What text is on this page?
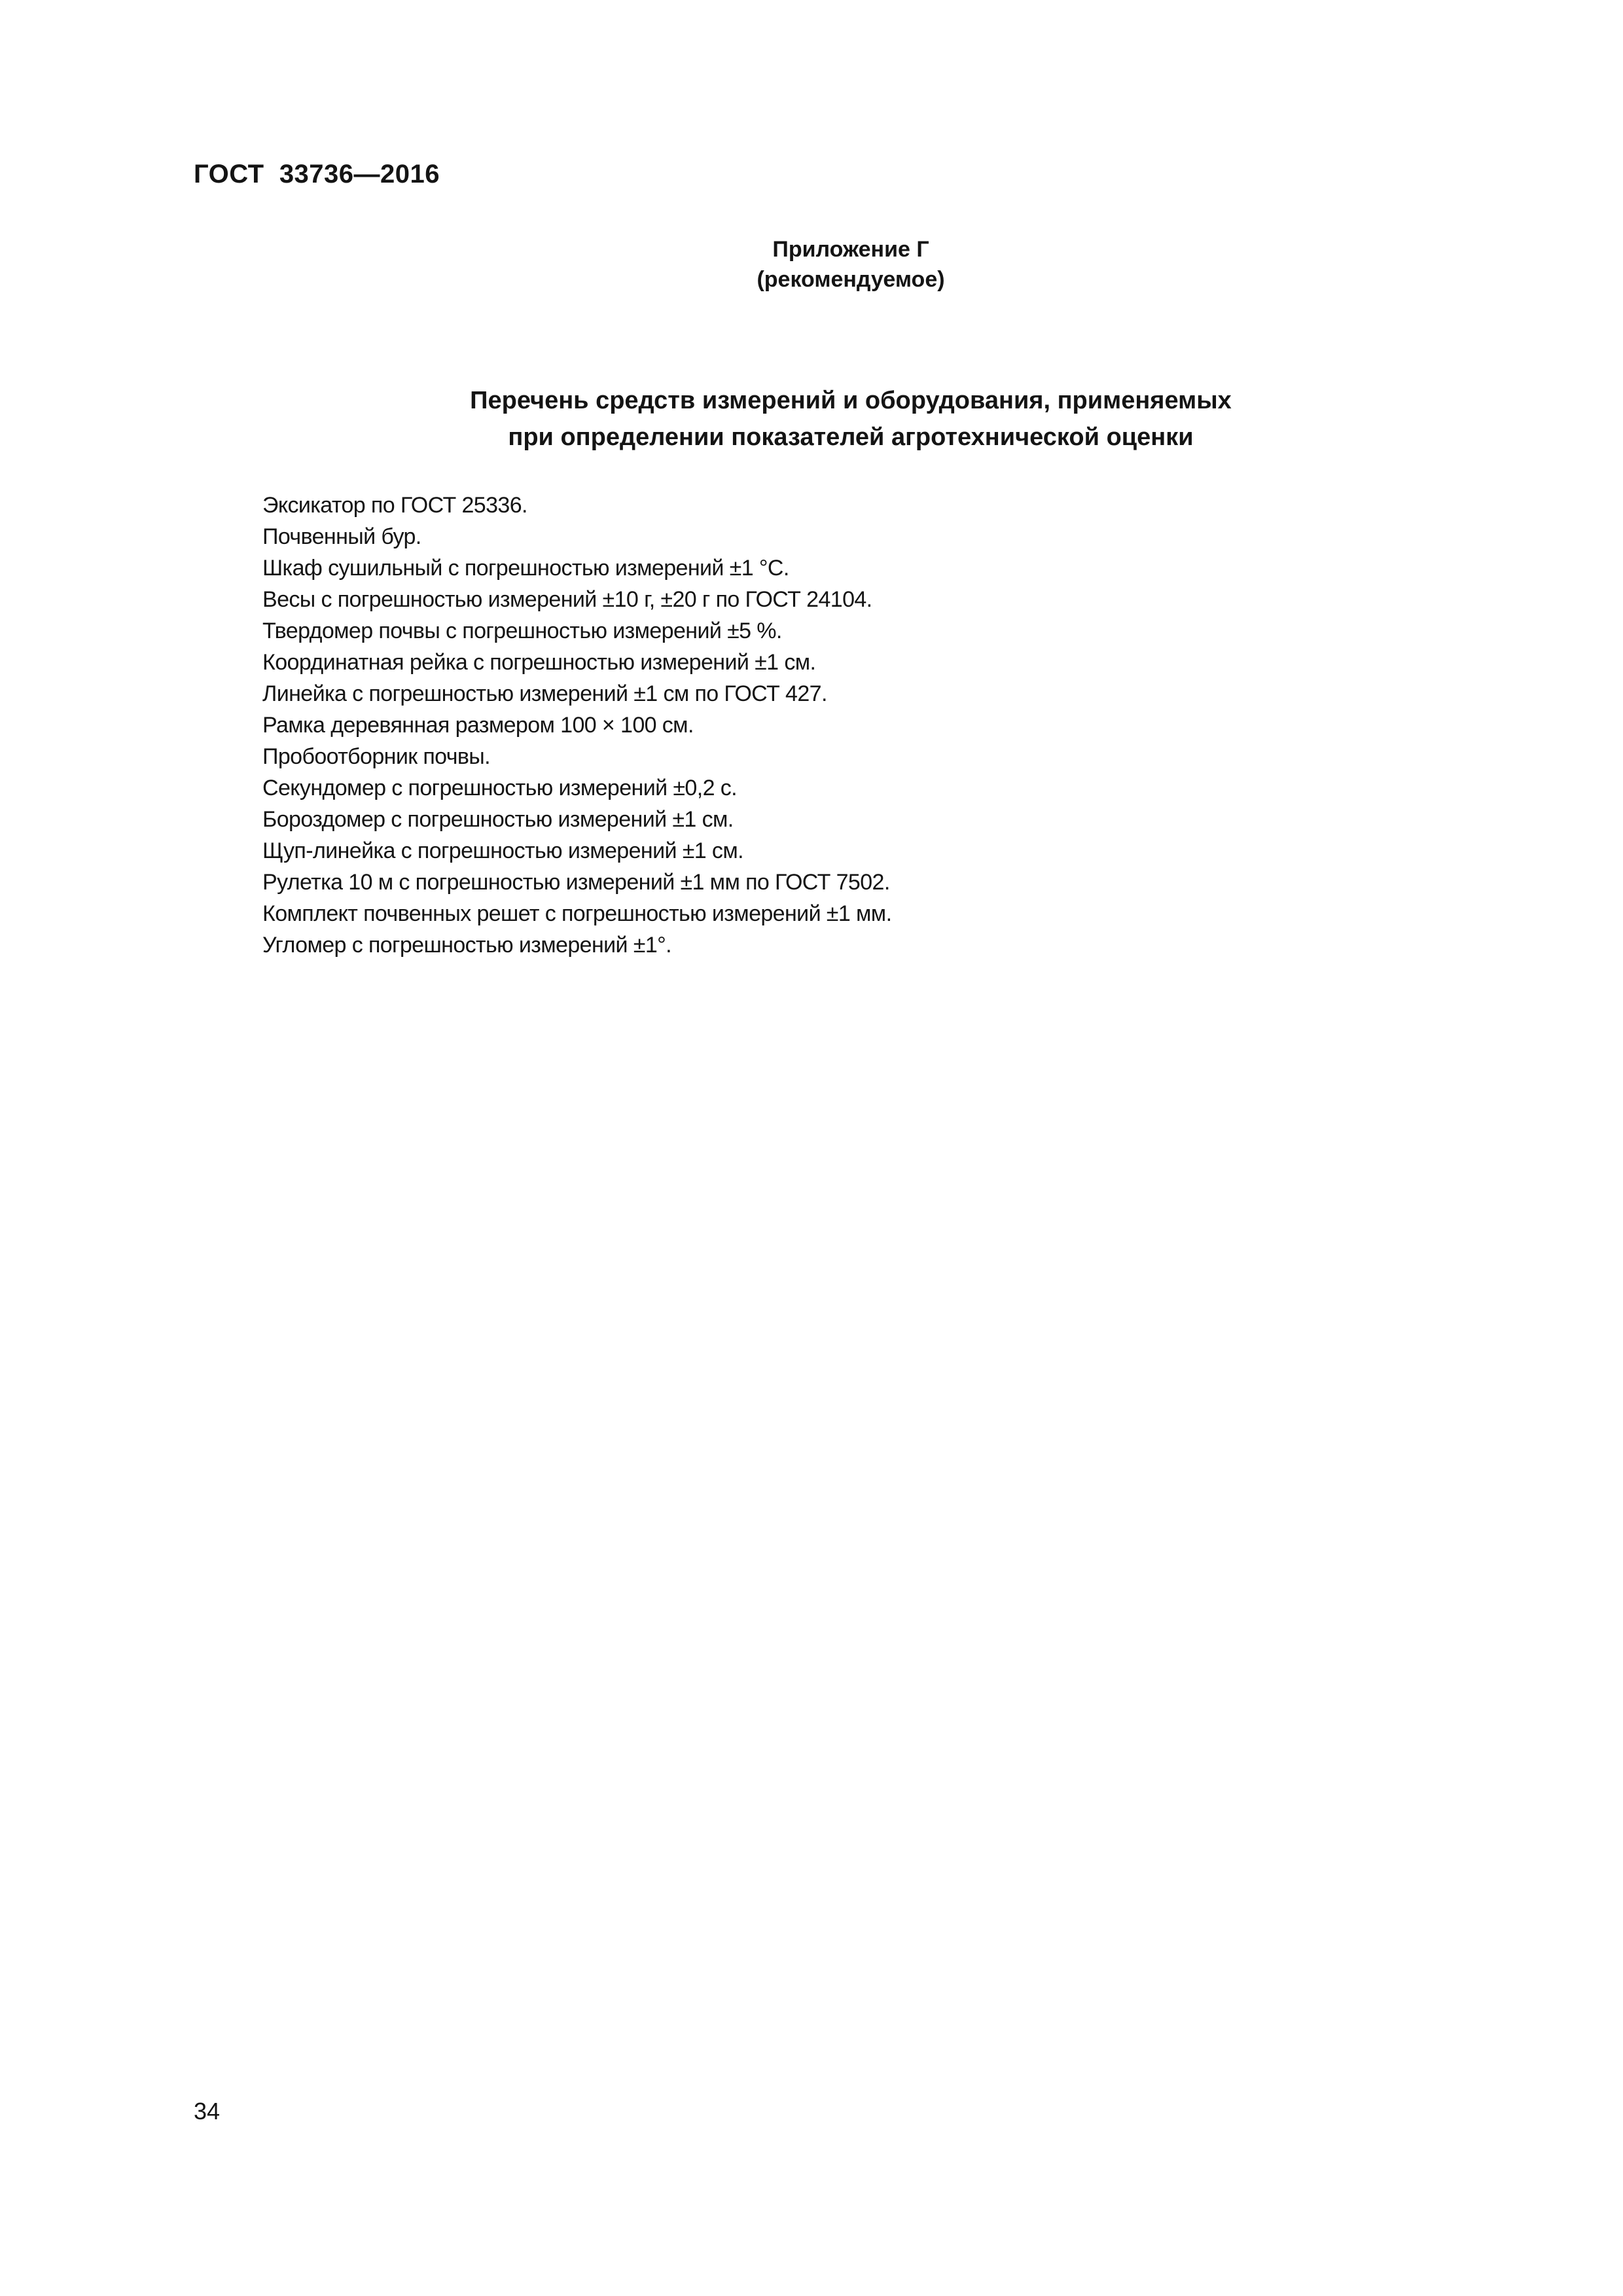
ГОСТ  33736—2016
Приложение Г
(рекомендуемое)
Перечень средств измерений и оборудования, применяемых
при определении показателей агротехнической оценки
Эксикатор по ГОСТ 25336.
Почвенный бур.
Шкаф сушильный с погрешностью измерений ±1 °С.
Весы с погрешностью измерений ±10 г, ±20 г по ГОСТ 24104.
Твердомер почвы с погрешностью измерений ±5 %.
Координатная рейка с погрешностью измерений ±1 см.
Линейка с погрешностью измерений ±1 см по ГОСТ 427.
Рамка деревянная размером 100 × 100 см.
Пробоотборник почвы.
Секундомер с погрешностью измерений ±0,2 с.
Бороздомер с погрешностью измерений ±1 см.
Щуп-линейка с погрешностью измерений ±1 см.
Рулетка 10 м с погрешностью измерений ±1 мм по ГОСТ 7502.
Комплект почвенных решет с погрешностью измерений ±1 мм.
Угломер с погрешностью измерений ±1°.
34
